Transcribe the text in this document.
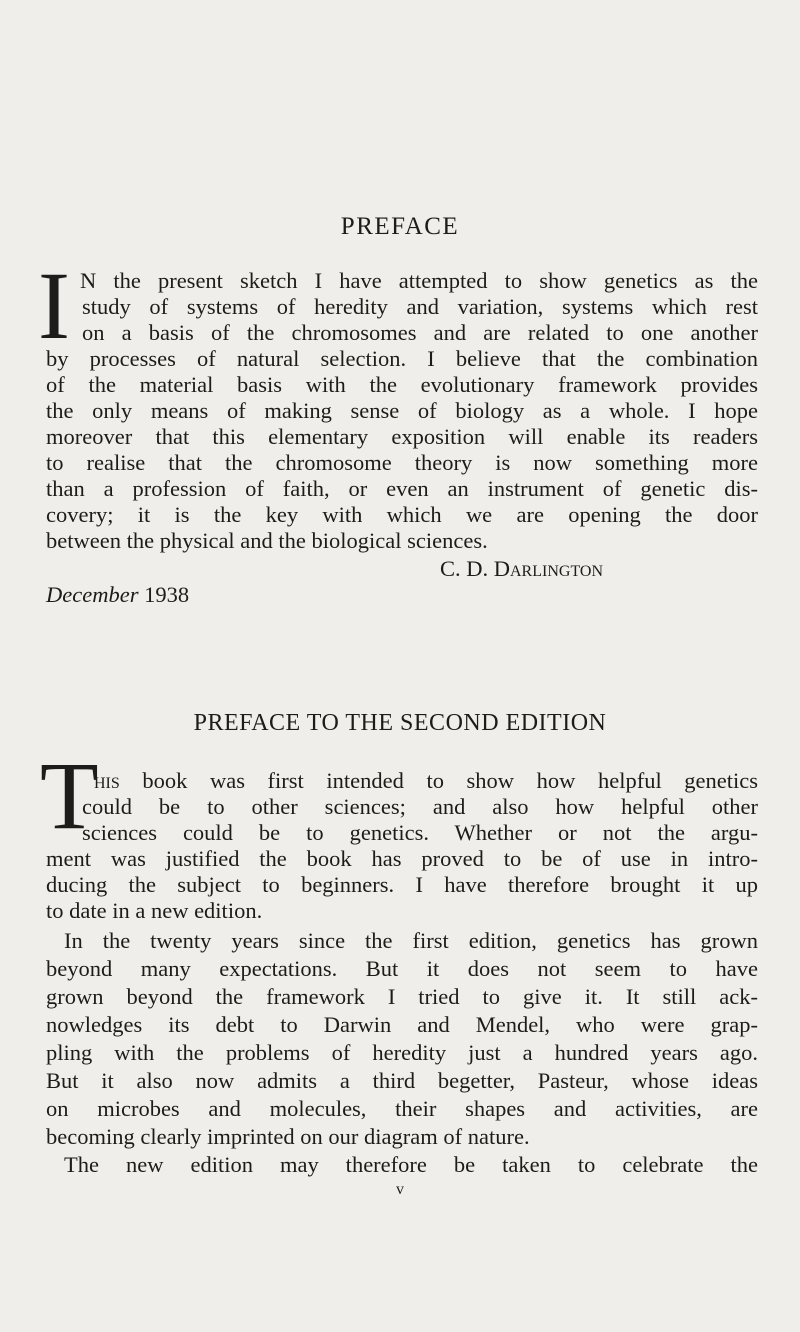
PREFACE
I N the present sketch I have attempted to show genetics as the
study of systems of heredity and variation, systems which rest
on a basis of the chromosomes and are related to one another
by processes of natural selection. I believe that the combination
of the material basis with the evolutionary framework provides
the only means of making sense of biology as a whole. I hope
moreover that this elementary exposition will enable its readers
to realise that the chromosome theory is now something more
than a profession of faith, or even an instrument of genetic dis-
covery; it is the key with which we are opening the door
between the physical and the biological sciences.
C. D. Darlington
December 1938
PREFACE TO THE SECOND EDITION
T
his book was first intended to show how helpful genetics
could be to other sciences; and also how helpful other
sciences could be to genetics. Whether or not the argu-
ment was justified the book has proved to be of use in intro-
ducing the subject to beginners. I have therefore brought it up
to date in a new edition.
In the twenty years since the first edition, genetics has grown
beyond many expectations. But it does not seem to have
grown beyond the framework I tried to give it. It still ack-
nowledges its debt to Darwin and Mendel, who were grap-
pling with the problems of heredity just a hundred years ago.
But it also now admits a third begetter, Pasteur, whose ideas
on microbes and molecules, their shapes and activities, are
becoming clearly imprinted on our diagram of nature.
The new edition may therefore be taken to celebrate the
v
